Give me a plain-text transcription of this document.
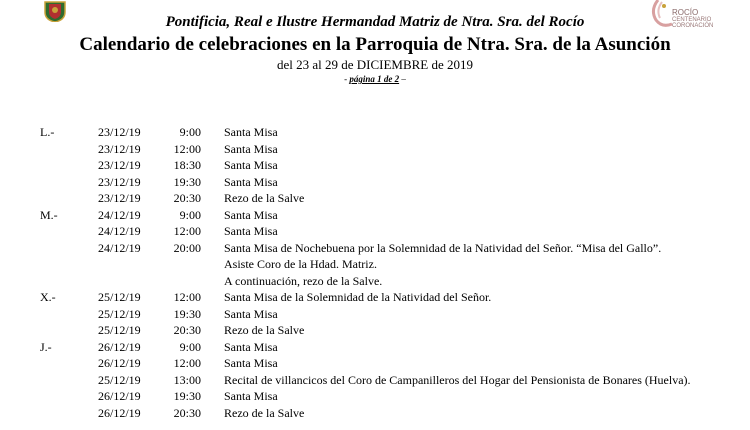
ROCÍO
CENTENARIO
CORONACIÓN
Pontificia, Real e Ilustre Hermandad Matriz de Ntra. Sra. del Rocío
Calendario de celebraciones en la Parroquia de Ntra. Sra. de la Asunción
del 23 al 29 de DICIEMBRE de 2019
- página 1 de 2 –
L.-	23/12/19	9:00 Santa Misa
23/12/19	12:00 Santa Misa
23/12/19	18:30 Santa Misa
23/12/19	19:30 Santa Misa
23/12/19	20:30 Rezo de la Salve
M.-	24/12/19	9:00 Santa Misa
24/12/19	12:00 Santa Misa
24/12/19	20:00 Santa Misa de Nochebuena por la Solemnidad de la Natividad del Señor. “Misa del Gallo”.
Asiste Coro de la Hdad. Matriz.
A continuación, rezo de la Salve.
X.-	25/12/19	12:00 Santa Misa de la Solemnidad de la Natividad del Señor.
25/12/19	19:30 Santa Misa
25/12/19	20:30 Rezo de la Salve
J.-	26/12/19	9:00 Santa Misa
26/12/19	12:00 Santa Misa
25/12/19	13:00 Recital de villancicos del Coro de Campanilleros del Hogar del Pensionista de Bonares (Huelva).
26/12/19	19:30 Santa Misa
26/12/19	20:30 Rezo de la Salve
